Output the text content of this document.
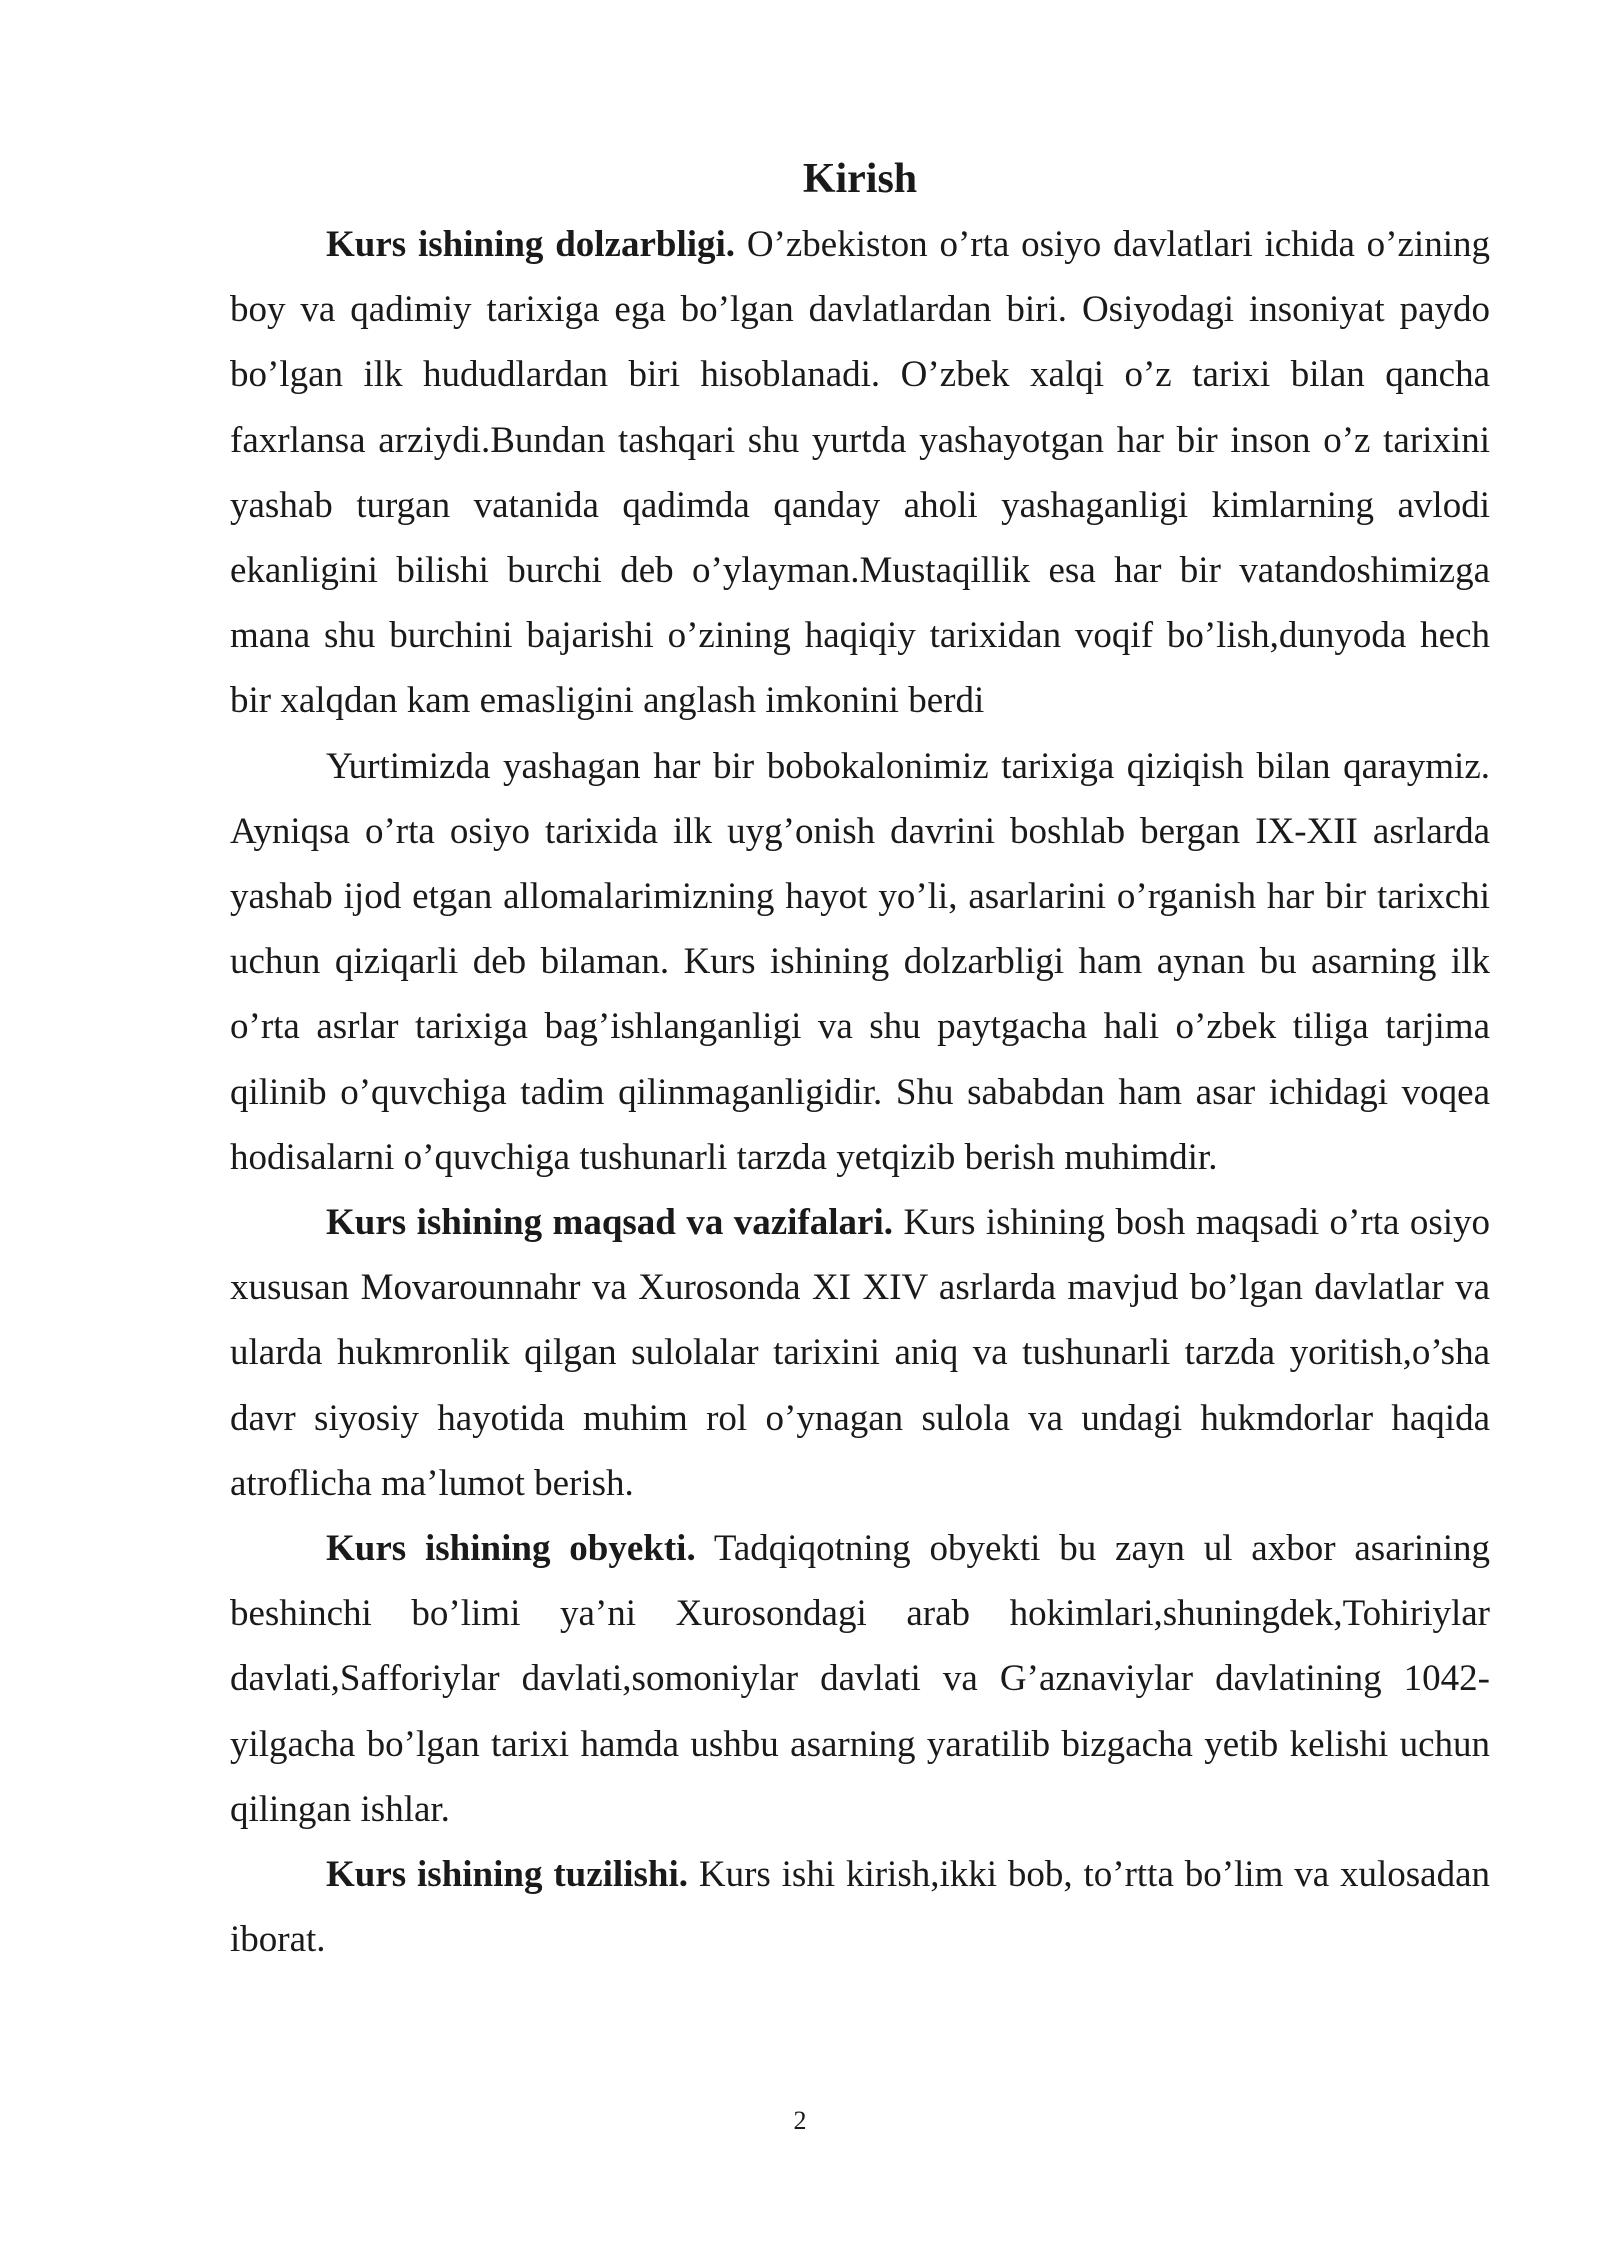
Kirish

Kurs ishining dolzarbligi. O’zbekiston o’rta osiyo davlatlari ichida o’zining boy va qadimiy tarixiga ega bo’lgan davlatlardan biri. Osiyodagi insoniyat paydo bo’lgan ilk hududlardan biri hisoblanadi. O’zbek xalqi o’z tarixi bilan qancha faxrlansa arziydi.Bundan tashqari shu yurtda yashayotgan har bir inson o’z tarixini yashab turgan vatanida qadimda qanday aholi yashaganligi kimlarning avlodi ekanligini bilishi burchi deb o’ylayman.Mustaqillik esa har bir vatandoshimizga mana shu burchini bajarishi o’zining haqiqiy tarixidan voqif bo’lish,dunyoda hech bir xalqdan kam emasligini anglash imkonini berdi

Yurtimizda yashagan har bir bobokalonimiz tarixiga qiziqish bilan qaraymiz. Ayniqsa o’rta osiyo tarixida ilk uyg’onish davrini boshlab bergan IX-XII asrlarda yashab ijod etgan allomalarimizning hayot yo’li, asarlarini o’rganish har bir tarixchi uchun qiziqarli deb bilaman. Kurs ishining dolzarbligi ham aynan bu asarning ilk o’rta asrlar tarixiga bag’ishlanganligi va shu paytgacha hali o’zbek tiliga tarjima qilinib o’quvchiga tadim qilinmaganligidir. Shu sababdan ham asar ichidagi voqea hodisalarni o’quvchiga tushunarli tarzda yetqizib berish muhimdir.

Kurs ishining maqsad va vazifalari. Kurs ishining bosh maqsadi o’rta osiyo xususan Movarounnahr va Xurosonda XI XIV asrlarda mavjud bo’lgan davlatlar va ularda hukmronlik qilgan sulolalar tarixini aniq va tushunarli tarzda yoritish,o’sha davr siyosiy hayotida muhim rol o’ynagan sulola va undagi hukmdorlar haqida atroflicha ma’lumot berish.

Kurs ishining obyekti. Tadqiqotning obyekti bu zayn ul axbor asarining beshinchi bo’limi ya’ni Xurosondagi arab hokimlari,shuningdek,Tohiriylar davlati,Safforiylar davlati,somoniylar davlati va G’aznaviylar davlatining 1042-yilgacha bo’lgan tarixi hamda ushbu asarning yaratilib bizgacha yetib kelishi uchun qilingan ishlar.

Kurs ishining tuzilishi. Kurs ishi kirish,ikki bob, to’rtta bo’lim va xulosadan iborat.

2
